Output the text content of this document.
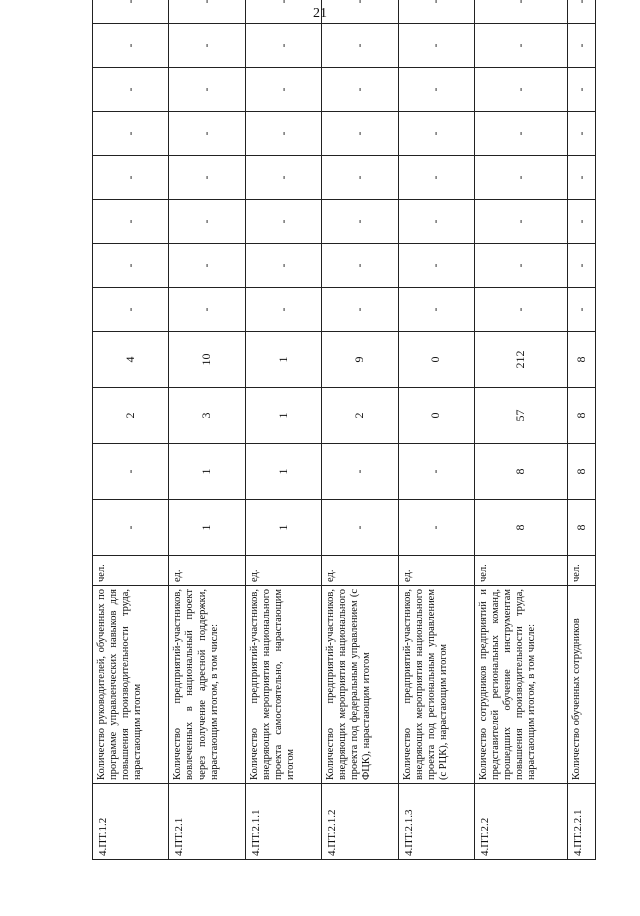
21
4.ПТ.1.2	Количество руководителей, обученных по программе управленческих навыков для повышения производительности труда, нарастающим итогом	чел.	-	-	2	4	-	-	-	-	-	-	-	-
4.ПТ.2.1	Количество предприятий-участников, вовлеченных в национальный проект через получение адресной поддержки, нарастающим итогом, в том числе:	ед.	1	1	3	10	-	-	-	-	-	-	-	-
4.ПТ.2.1.1	Количество предприятий-участников, внедряющих мероприятия национального проекта самостоятельно, нарастающим итогом	ед.	1	1	1	1	-	-	-	-	-	-	-	-
4.ПТ.2.1.2	Количество предприятий-участников, внедряющих мероприятия национального проекта под федеральным управлением (с ФЦК), нарастающим итогом	ед.	-	-	2	9	-	-	-	-	-	-	-	-
4.ПТ.2.1.3	Количество предприятий-участников, внедряющих мероприятия национального проекта под региональным управлением (с РЦК), нарастающим итогом	ед.	-	-	0	0	-	-	-	-	-	-	-	-
4.ПТ.2.2	Количество сотрудников предприятий и представителей региональных команд, прошедших обучение инструментам повышения производительности труда, нарастающим итогом, в том числе:	чел.	8	8	57	212	-	-	-	-	-	-	-	-
4.ПТ.2.2.1	Количество обученных сотрудников	чел.	8	8	8	8	-	-	-	-	-	-	-	-
